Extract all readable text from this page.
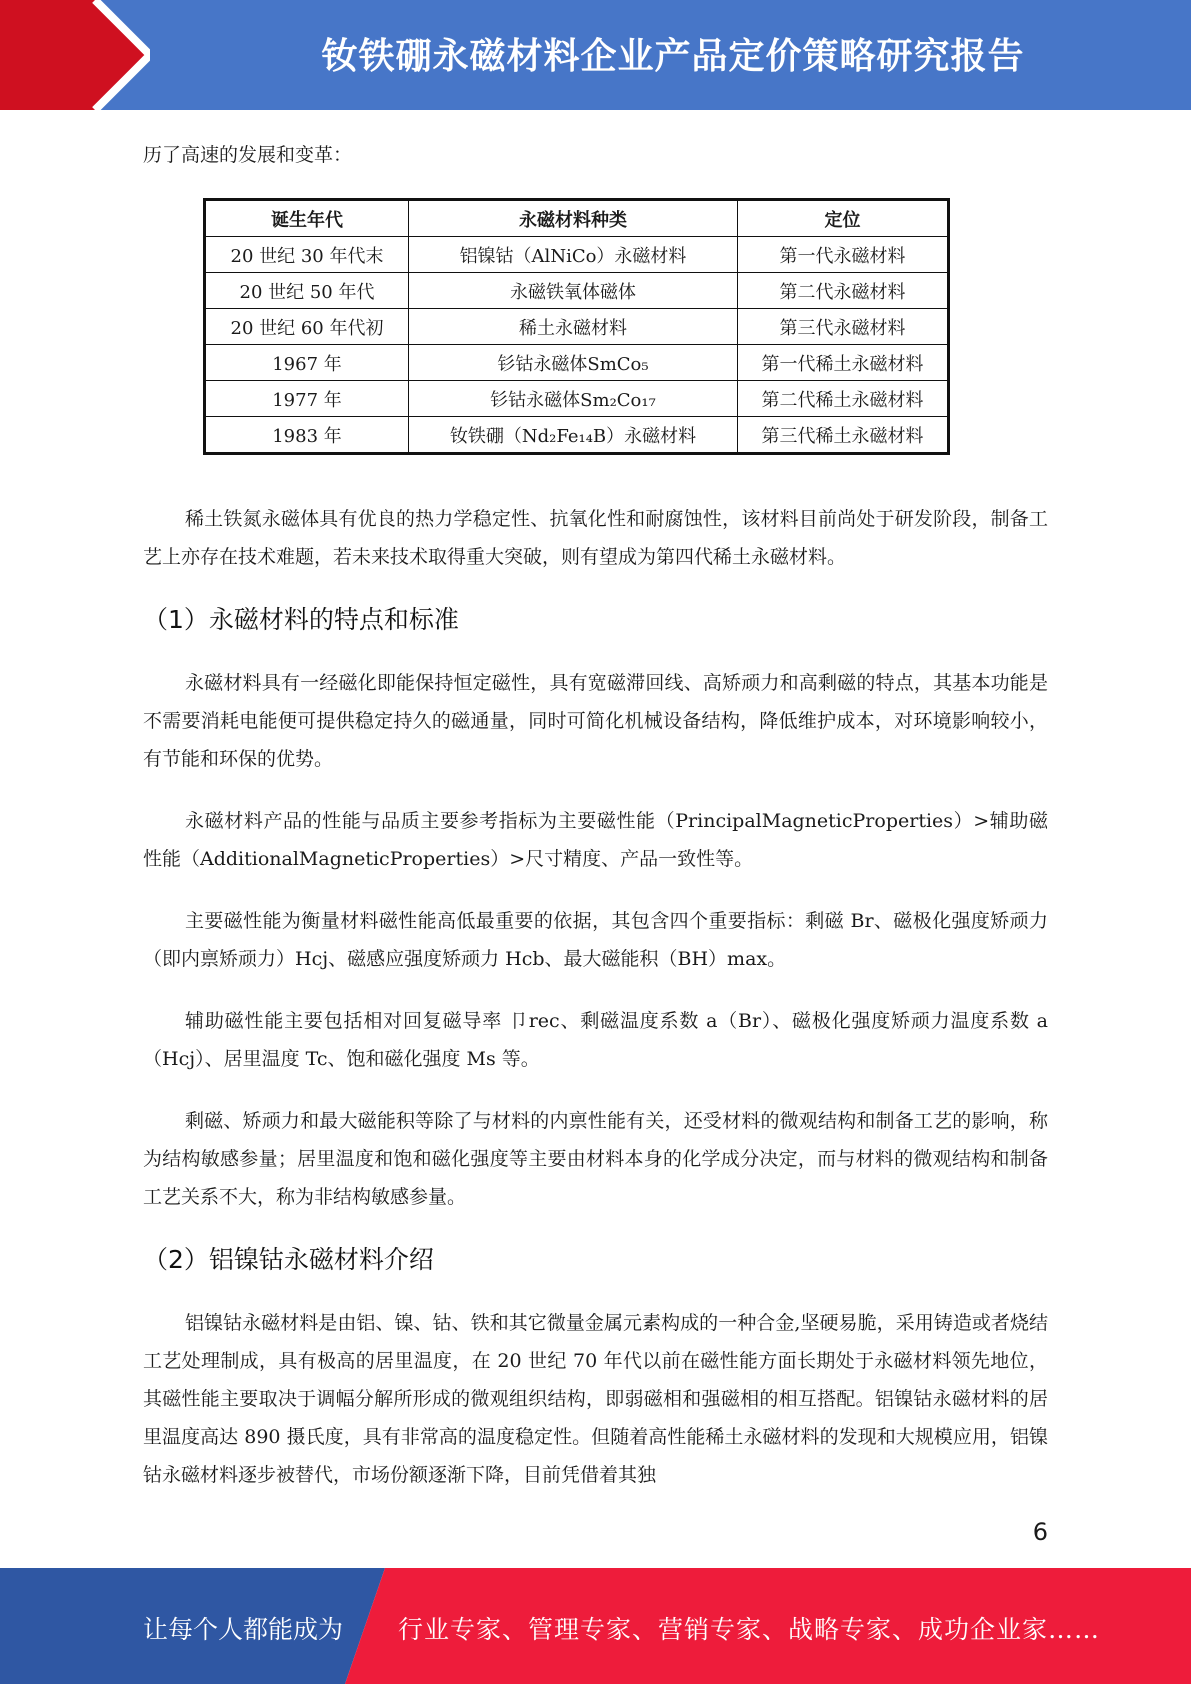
钕铁硼永磁材料企业产品定价策略研究报告

历了高速的发展和变革：

诞生年代	永磁材料种类	定位
20 世纪 30 年代末	铝镍钴（AlNiCo）永磁材料	第一代永磁材料
20 世纪 50 年代	永磁铁氧体磁体	第二代永磁材料
20 世纪 60 年代初	稀土永磁材料	第三代永磁材料
1967 年	钐钴永磁体SmCo₅	第一代稀土永磁材料
1977 年	钐钴永磁体Sm₂Co₁₇	第二代稀土永磁材料
1983 年	钕铁硼（Nd₂Fe₁₄B）永磁材料	第三代稀土永磁材料

稀土铁氮永磁体具有优良的热力学稳定性、抗氧化性和耐腐蚀性，该材料目前尚处于研发阶段，制备工艺上亦存在技术难题，若未来技术取得重大突破，则有望成为第四代稀土永磁材料。

（1）永磁材料的特点和标准

永磁材料具有一经磁化即能保持恒定磁性，具有宽磁滞回线、高矫顽力和高剩磁的特点，其基本功能是不需要消耗电能便可提供稳定持久的磁通量，同时可简化机械设备结构，降低维护成本，对环境影响较小，有节能和环保的优势。

永磁材料产品的性能与品质主要参考指标为主要磁性能（PrincipalMagneticProperties）>辅助磁性能（AdditionalMagneticProperties）>尺寸精度、产品一致性等。

主要磁性能为衡量材料磁性能高低最重要的依据，其包含四个重要指标：剩磁 Br、磁极化强度矫顽力（即内禀矫顽力）Hcj、磁感应强度矫顽力 Hcb、最大磁能积（BH）max。

辅助磁性能主要包括相对回复磁导率 卩rec、剩磁温度系数 a（Br）、磁极化强度矫顽力温度系数 a（Hcj）、居里温度 Tc、饱和磁化强度 Ms 等。

剩磁、矫顽力和最大磁能积等除了与材料的内禀性能有关，还受材料的微观结构和制备工艺的影响，称为结构敏感参量；居里温度和饱和磁化强度等主要由材料本身的化学成分决定，而与材料的微观结构和制备工艺关系不大，称为非结构敏感参量。

（2）铝镍钴永磁材料介绍

铝镍钴永磁材料是由铝、镍、钴、铁和其它微量金属元素构成的一种合金,坚硬易脆，采用铸造或者烧结工艺处理制成，具有极高的居里温度，在 20 世纪 70 年代以前在磁性能方面长期处于永磁材料领先地位，其磁性能主要取决于调幅分解所形成的微观组织结构，即弱磁相和强磁相的相互搭配。铝镍钴永磁材料的居里温度高达 890 摄氏度，具有非常高的温度稳定性。但随着高性能稀土永磁材料的发现和大规模应用，铝镍钴永磁材料逐步被替代，市场份额逐渐下降，目前凭借着其独

6
让每个人都能成为 行业专家、管理专家、营销专家、战略专家、成功企业家……
